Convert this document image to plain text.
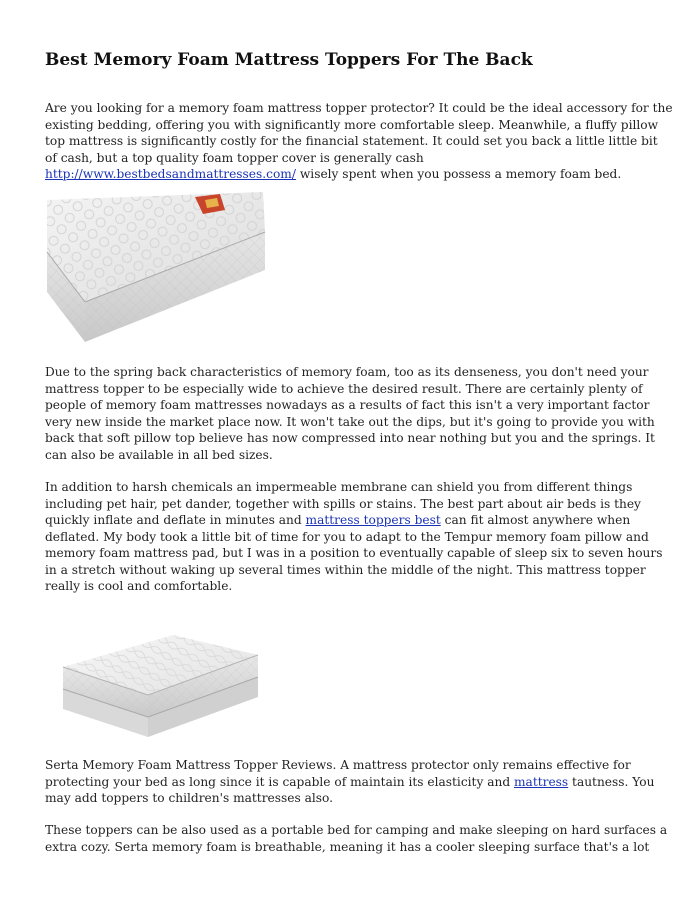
Best Memory Foam Mattress Toppers For The Back

Are you looking for a memory foam mattress topper protector? It could be the ideal accessory for the
existing bedding, offering you with significantly more comfortable sleep. Meanwhile, a fluffy pillow
top mattress is significantly costly for the financial statement. It could set you back a little little bit
of cash, but a top quality foam topper cover is generally cash
http://www.bestbedsandmattresses.com/ wisely spent when you possess a memory foam bed.

Due to the spring back characteristics of memory foam, too as its denseness, you don't need your
mattress topper to be especially wide to achieve the desired result. There are certainly plenty of
people of memory foam mattresses nowadays as a results of fact this isn't a very important factor
very new inside the market place now. It won't take out the dips, but it's going to provide you with
back that soft pillow top believe has now compressed into near nothing but you and the springs. It
can also be available in all bed sizes.

In addition to harsh chemicals an impermeable membrane can shield you from different things
including pet hair, pet dander, together with spills or stains. The best part about air beds is they
quickly inflate and deflate in minutes and mattress toppers best can fit almost anywhere when
deflated. My body took a little bit of time for you to adapt to the Tempur memory foam pillow and
memory foam mattress pad, but I was in a position to eventually capable of sleep six to seven hours
in a stretch without waking up several times within the middle of the night. This mattress topper
really is cool and comfortable.

Serta Memory Foam Mattress Topper Reviews. A mattress protector only remains effective for
protecting your bed as long since it is capable of maintain its elasticity and mattress tautness. You
may add toppers to children's mattresses also.

These toppers can be also used as a portable bed for camping and make sleeping on hard surfaces a
extra cozy. Serta memory foam is breathable, meaning it has a cooler sleeping surface that's a lot
